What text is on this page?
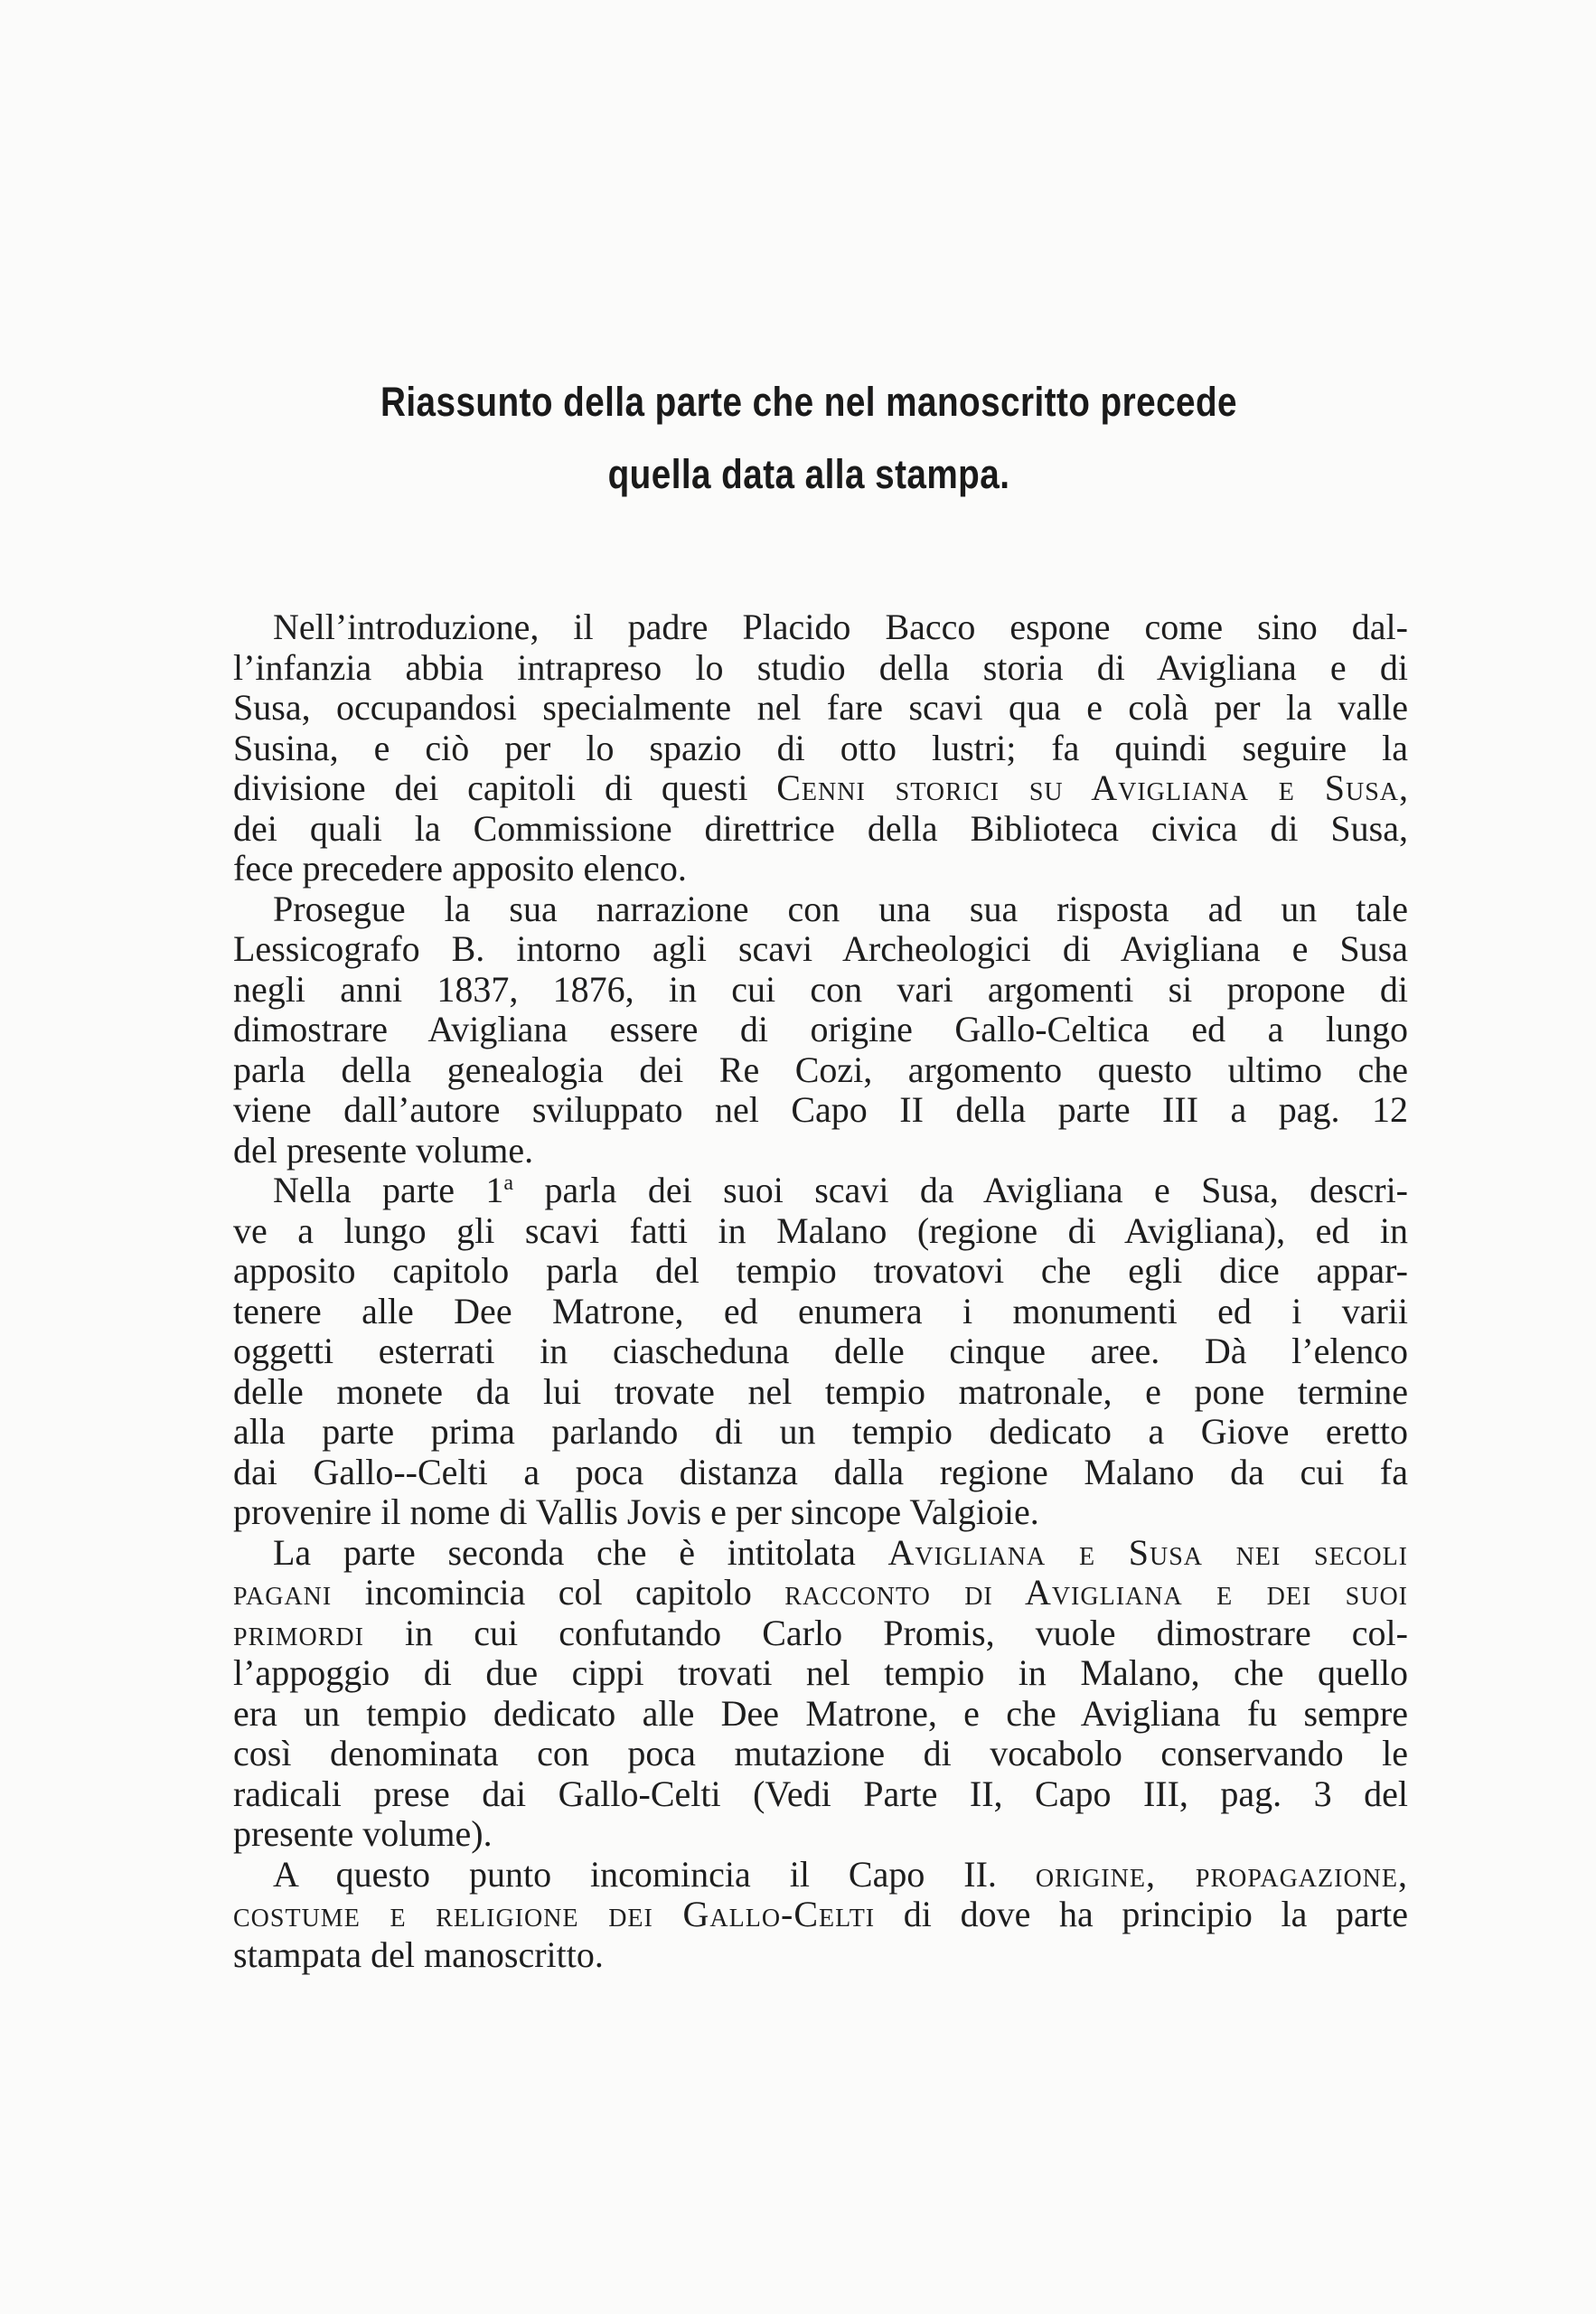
Riassunto della parte che nel manoscritto precede
quella data alla stampa.
Nell’introduzione, il padre Placido Bacco espone come sino dal-
l’infanzia abbia intrapreso lo studio della storia di Avigliana e di
Susa, occupandosi specialmente nel fare scavi qua e colà per la valle
Susina, e ciò per lo spazio di otto lustri; fa quindi seguire la
divisione dei capitoli di questi Cenni storici su Avigliana e Susa,
dei quali la Commissione direttrice della Biblioteca civica di Susa,
fece precedere apposito elenco.
Prosegue la sua narrazione con una sua risposta ad un tale
Lessicografo B. intorno agli scavi Archeologici di Avigliana e Susa
negli anni 1837, 1876, in cui con vari argomenti si propone di
dimostrare Avigliana essere di origine Gallo-Celtica ed a lungo
parla della genealogia dei Re Cozi, argomento questo ultimo che
viene dall’autore sviluppato nel Capo II della parte III a pag. 12
del presente volume.
Nella parte 1$^a$ parla dei suoi scavi da Avigliana e Susa, descri-
ve a lungo gli scavi fatti in Malano (regione di Avigliana), ed in
apposito capitolo parla del tempio trovatovi che egli dice appar-
tenere alle Dee Matrone, ed enumera i monumenti ed i varii
oggetti esterrati in ciascheduna delle cinque aree. Dà l’elenco
delle monete da lui trovate nel tempio matronale, e pone termine
alla parte prima parlando di un tempio dedicato a Giove eretto
dai Gallo--Celti a poca distanza dalla regione Malano da cui fa
provenire il nome di Vallis Jovis e per sincope Valgioie.
La parte seconda che è intitolata Avigliana e Susa nei secoli
pagani incomincia col capitolo racconto di Avigliana e dei suoi
primordi in cui confutando Carlo Promis, vuole dimostrare col-
l’appoggio di due cippi trovati nel tempio in Malano, che quello
era un tempio dedicato alle Dee Matrone, e che Avigliana fu sempre
così denominata con poca mutazione di vocabolo conservando le
radicali prese dai Gallo-Celti (Vedi Parte II, Capo III, pag. 3 del
presente volume).
A questo punto incomincia il Capo II. origine, propagazione,
costume e religione dei Gallo-Celti di dove ha principio la parte
stampata del manoscritto.
